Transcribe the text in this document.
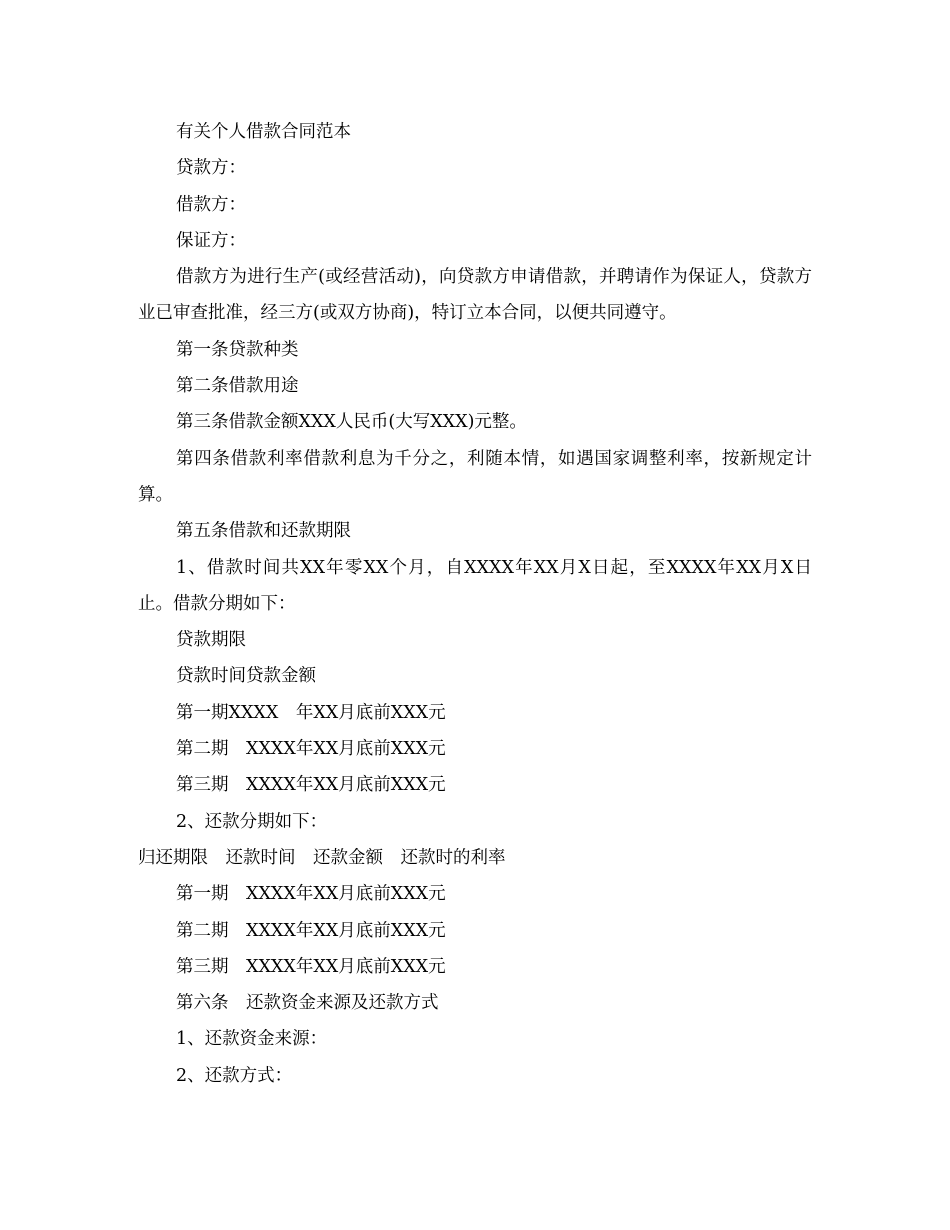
有关个人借款合同范本

贷款方：

借款方：

保证方：

借款方为进行生产(或经营活动)，向贷款方申请借款，并聘请作为保证人，贷款方业已审查批准，经三方(或双方协商)，特订立本合同，以便共同遵守。

第一条贷款种类

第二条借款用途

第三条借款金额XXX人民币(大写XXX)元整。

第四条借款利率借款利息为千分之，利随本情，如遇国家调整利率，按新规定计算。

第五条借款和还款期限

1、借款时间共XX年零XX个月，自XXXX年XX月X日起，至XXXX年XX月X日止。借款分期如下：

贷款期限

贷款时间贷款金额

第一期XXXX　年XX月底前XXX元

第二期　XXXX年XX月底前XXX元

第三期　XXXX年XX月底前XXX元

2、还款分期如下：

归还期限　还款时间　还款金额　还款时的利率

第一期　XXXX年XX月底前XXX元

第二期　XXXX年XX月底前XXX元

第三期　XXXX年XX月底前XXX元

第六条　还款资金来源及还款方式

1、还款资金来源：

2、还款方式：
